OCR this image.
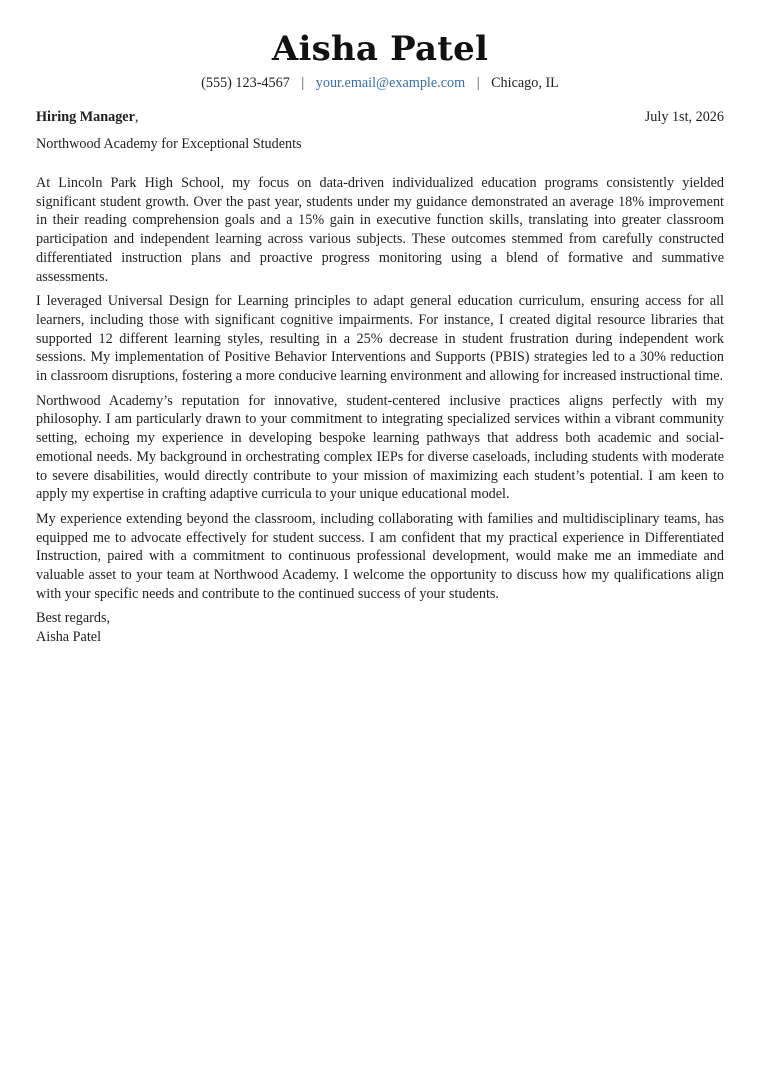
Aisha Patel
(555) 123-4567 | your.email@example.com | Chicago, IL
Hiring Manager,	July 1st, 2026
Northwood Academy for Exceptional Students

At Lincoln Park High School, my focus on data-driven individualized education programs consistently yielded significant student growth. Over the past year, students under my guidance demonstrated an average 18% improvement in their reading comprehension goals and a 15% gain in executive function skills, translating into greater classroom participation and independent learning across various subjects. These outcomes stemmed from carefully constructed differentiated instruction plans and proactive progress monitoring using a blend of formative and summative assessments.

I leveraged Universal Design for Learning principles to adapt general education curriculum, ensuring access for all learners, including those with significant cognitive impairments. For instance, I created digital resource libraries that supported 12 different learning styles, resulting in a 25% decrease in student frustration during independent work sessions. My implementation of Positive Behavior Interventions and Supports (PBIS) strategies led to a 30% reduction in classroom disruptions, fostering a more conducive learning environment and allowing for increased instructional time.

Northwood Academy’s reputation for innovative, student-centered inclusive practices aligns perfectly with my philosophy. I am particularly drawn to your commitment to integrating specialized services within a vibrant community setting, echoing my experience in developing bespoke learning pathways that address both academic and social-emotional needs. My background in orchestrating complex IEPs for diverse caseloads, including students with moderate to severe disabilities, would directly contribute to your mission of maximizing each student’s potential. I am keen to apply my expertise in crafting adaptive curricula to your unique educational model.

My experience extending beyond the classroom, including collaborating with families and multidisciplinary teams, has equipped me to advocate effectively for student success. I am confident that my practical experience in Differentiated Instruction, paired with a commitment to continuous professional development, would make me an immediate and valuable asset to your team at Northwood Academy. I welcome the opportunity to discuss how my qualifications align with your specific needs and contribute to the continued success of your students.

Best regards,
Aisha Patel
